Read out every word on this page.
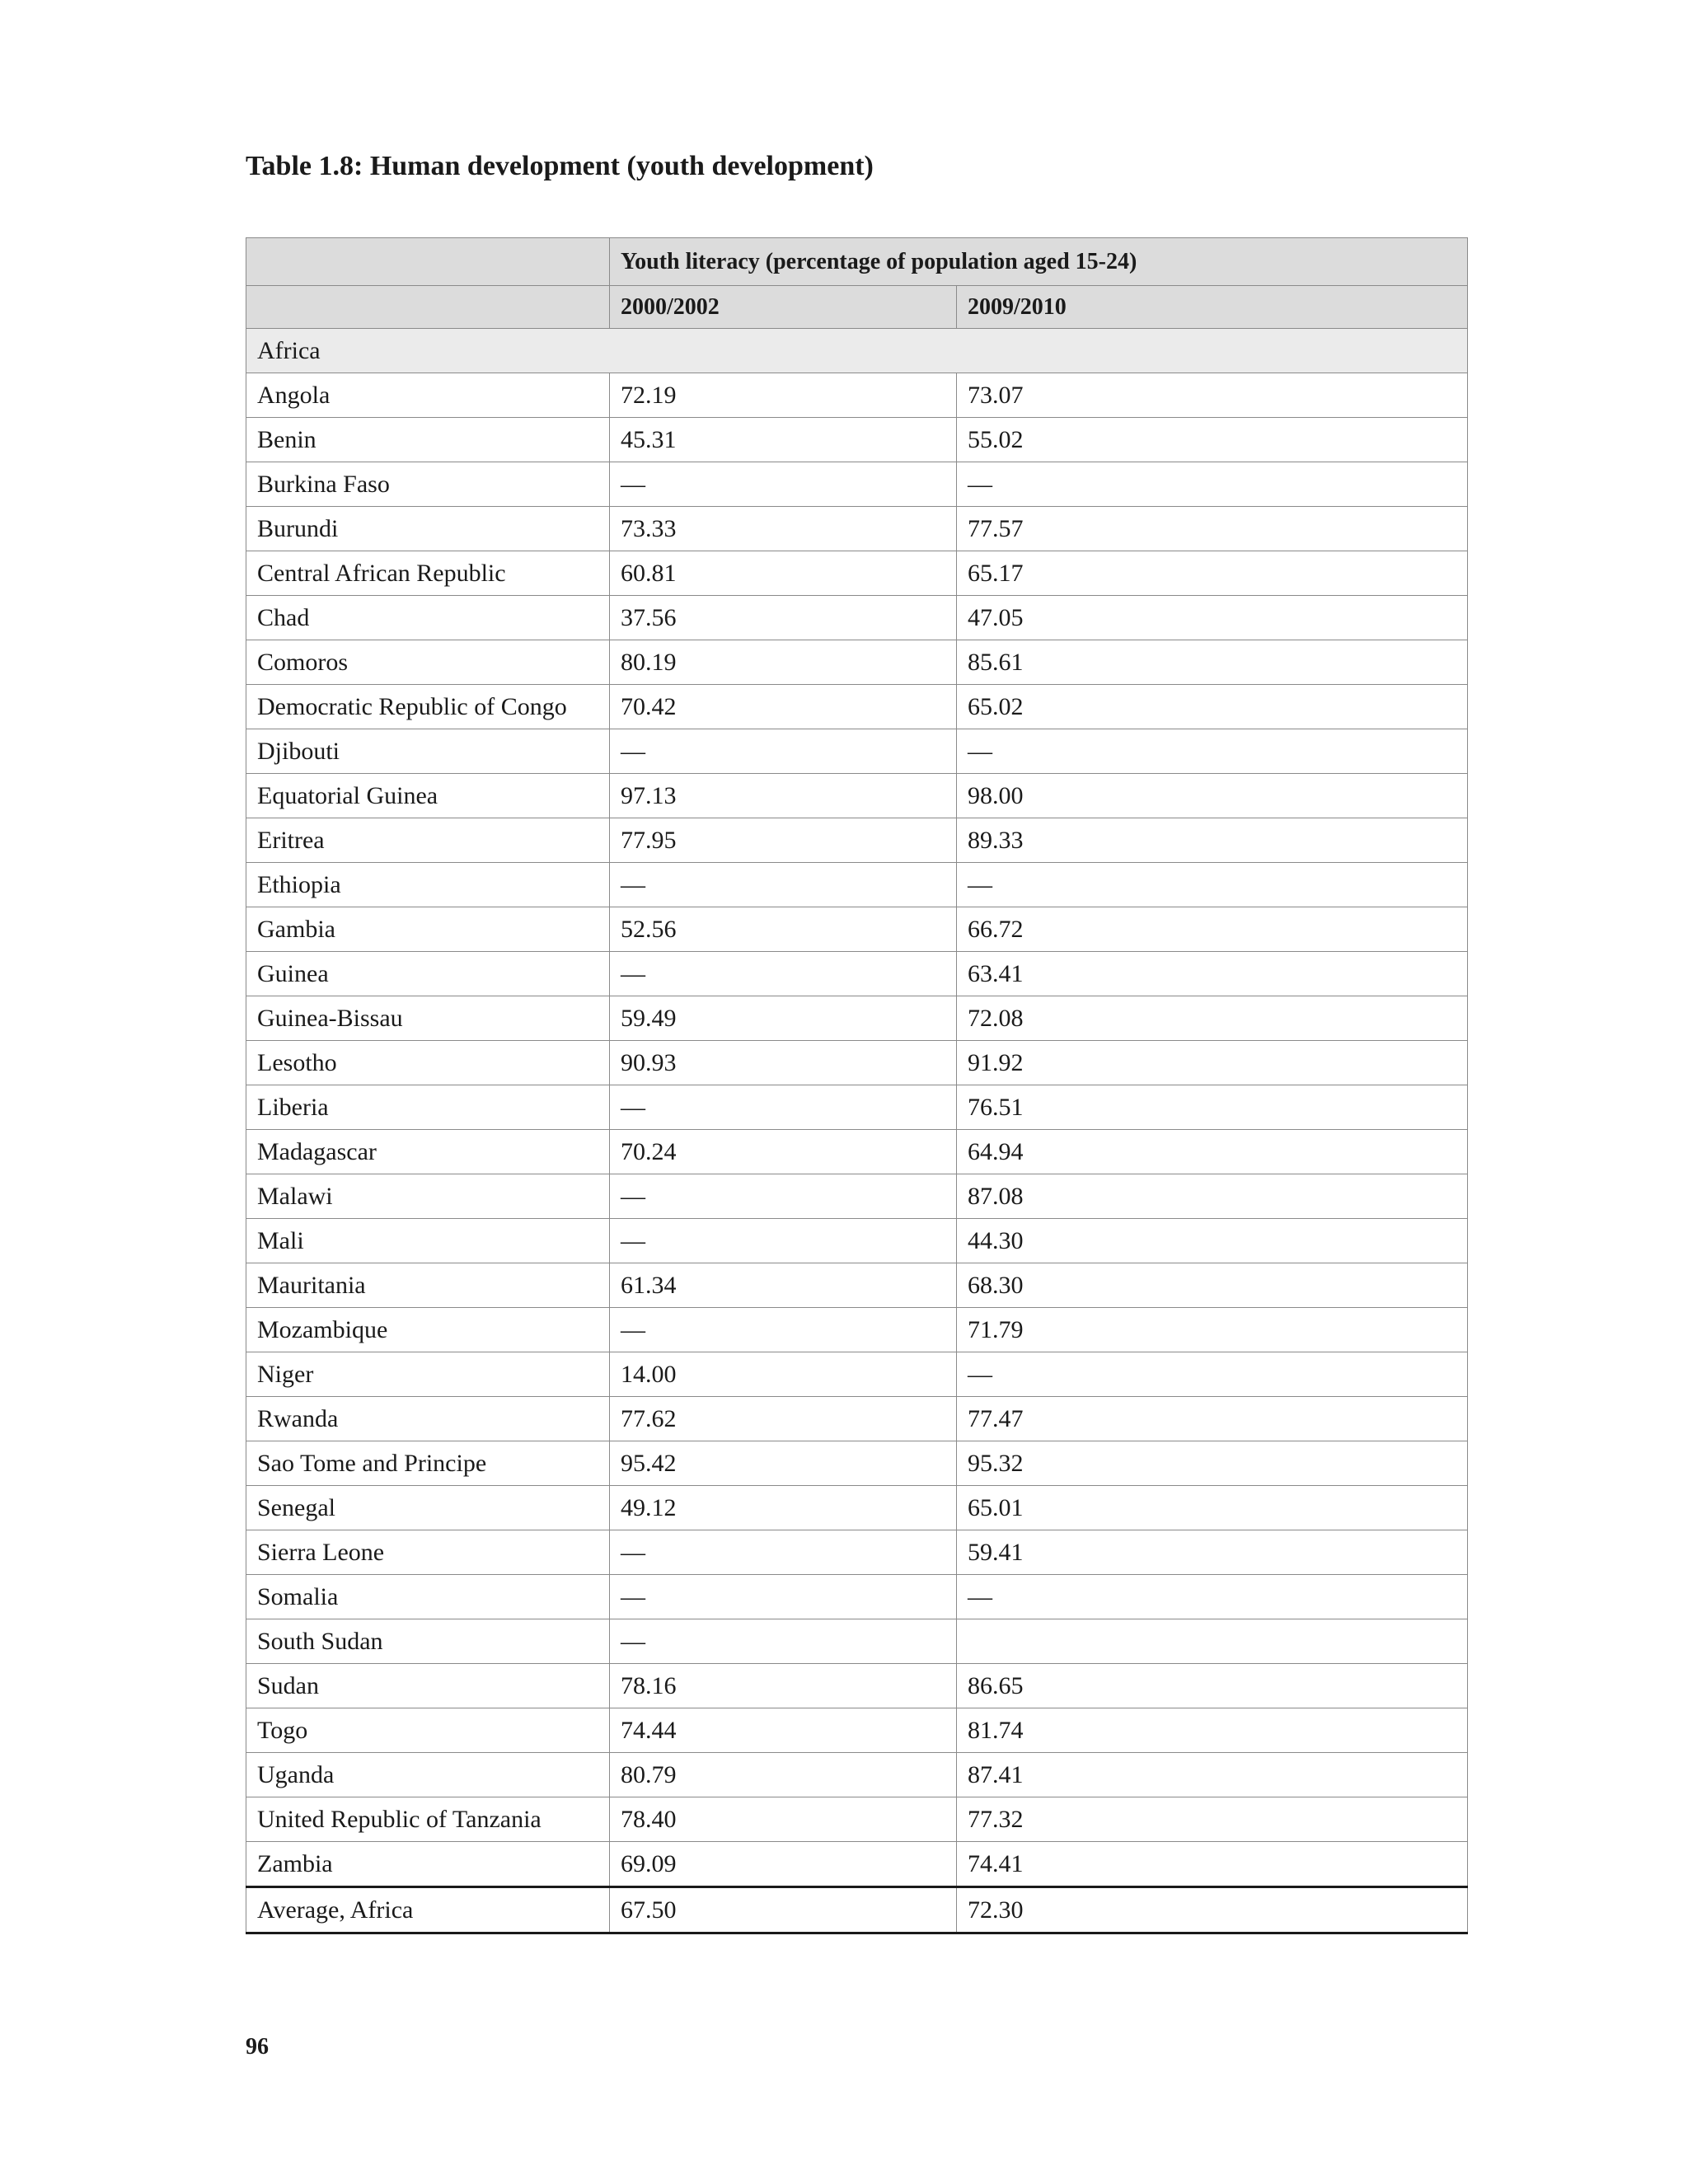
Table 1.8: Human development (youth development)
	Youth literacy (percentage of population aged 15-24)	
	2000/2002	2009/2010
Africa		
Angola	72.19	73.07
Benin	45.31	55.02
Burkina Faso	—	—
Burundi	73.33	77.57
Central African Republic	60.81	65.17
Chad	37.56	47.05
Comoros	80.19	85.61
Democratic Republic of Congo	70.42	65.02
Djibouti	—	—
Equatorial Guinea	97.13	98.00
Eritrea	77.95	89.33
Ethiopia	—	—
Gambia	52.56	66.72
Guinea	—	63.41
Guinea-Bissau	59.49	72.08
Lesotho	90.93	91.92
Liberia	—	76.51
Madagascar	70.24	64.94
Malawi	—	87.08
Mali	—	44.30
Mauritania	61.34	68.30
Mozambique	—	71.79
Niger	14.00	—
Rwanda	77.62	77.47
Sao Tome and Principe	95.42	95.32
Senegal	49.12	65.01
Sierra Leone	—	59.41
Somalia	—	—
South Sudan	—	
Sudan	78.16	86.65
Togo	74.44	81.74
Uganda	80.79	87.41
United Republic of Tanzania	78.40	77.32
Zambia	69.09	74.41
Average, Africa	67.50	72.30
96
